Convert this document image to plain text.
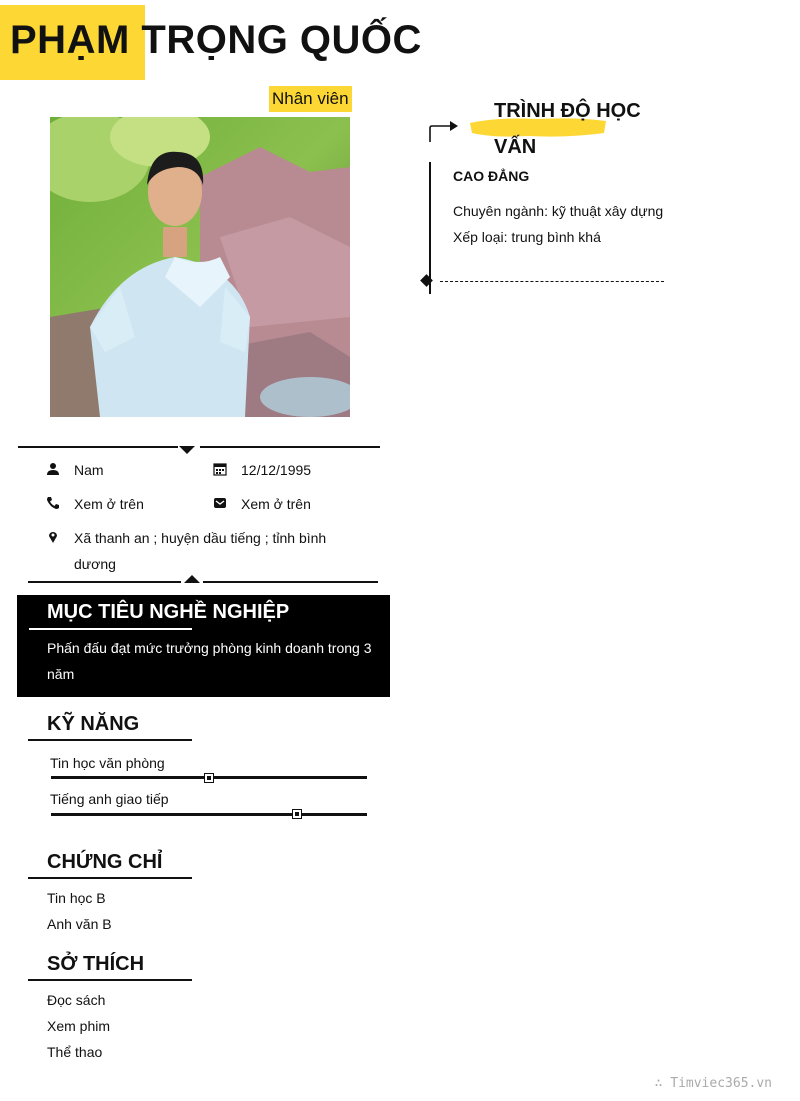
PHẠM TRỌNG QUỐC
Nhân viên
Nam	12/12/1995
Xem ở trên	Xem ở trên
Xã thanh an ; huyện dầu tiếng ; tỉnh bình dương
MỤC TIÊU NGHỀ NGHIỆP
Phấn đấu đạt mức trưởng phòng kinh doanh trong 3 năm
KỸ NĂNG
Tin học văn phòng
Tiếng anh giao tiếp
CHỨNG CHỈ
Tin học B
Anh văn B
SỞ THÍCH
Đọc sách
Xem phim
Thể thao
TRÌNH ĐỘ HỌC VẤN
CAO ĐẲNG
Chuyên ngành: kỹ thuật xây dựng
Xếp loại: trung bình khá
∴ Timviec365.vn
